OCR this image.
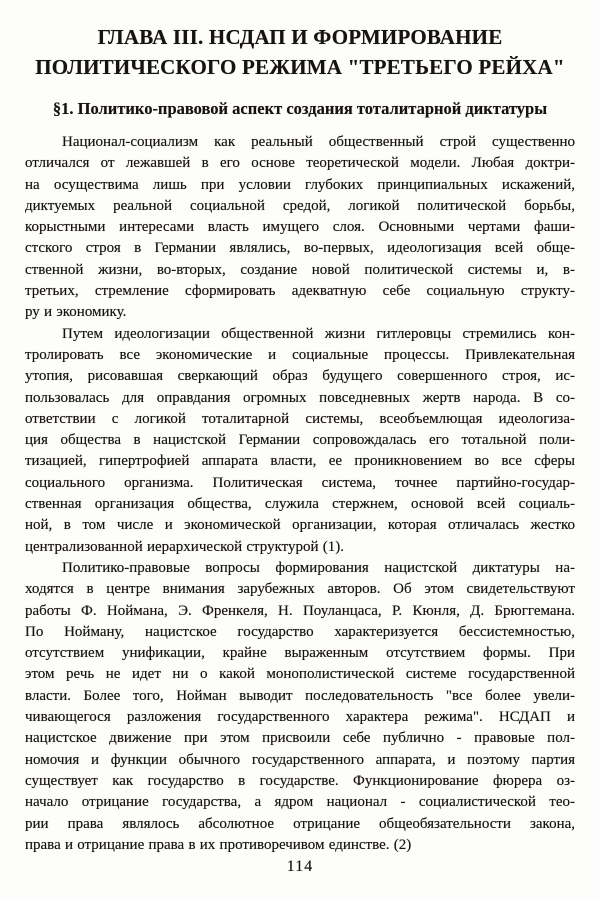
ГЛАВА III. НСДАП И ФОРМИРОВАНИЕ
ПОЛИТИЧЕСКОГО РЕЖИМА "ТРЕТЬЕГО РЕЙХА"
§1. Политико-правовой аспект создания тоталитарной диктатуры
Национал-социализм как реальный общественный строй существенно
отличался от лежавшей в его основе теоретической модели. Любая доктри-
на осуществима лишь при условии глубоких принципиальных искажений,
диктуемых реальной социальной средой, логикой политической борьбы,
корыстными интересами власть имущего слоя. Основными чертами фаши-
стского строя в Германии являлись, во-первых, идеологизация всей обще-
ственной жизни, во-вторых, создание новой политической системы и, в-
третьих, стремление сформировать адекватную себе социальную структу-
ру и экономику.
Путем идеологизации общественной жизни гитлеровцы стремились кон-
тролировать все экономические и социальные процессы. Привлекательная
утопия, рисовавшая сверкающий образ будущего совершенного строя, ис-
пользовалась для оправдания огромных повседневных жертв народа. В со-
ответствии с логикой тоталитарной системы, всеобъемлющая идеологиза-
ция общества в нацистской Германии сопровождалась его тотальной поли-
тизацией, гипертрофией аппарата власти, ее проникновением во все сферы
социального организма. Политическая система, точнее партийно-государ-
ственная организация общества, служила стержнем, основой всей социаль-
ной, в том числе и экономической организации, которая отличалась жестко
централизованной иерархической структурой (1).
Политико-правовые вопросы формирования нацистской диктатуры на-
ходятся в центре внимания зарубежных авторов. Об этом свидетельствуют
работы Ф. Ноймана, Э. Френкеля, Н. Поуланцаса, Р. Кюнля, Д. Брюггемана.
По Нойману, нацистское государство характеризуется бессистемностью,
отсутствием унификации, крайне выраженным отсутствием формы. При
этом речь не идет ни о какой монополистической системе государственной
власти. Более того, Нойман выводит последовательность "все более увели-
чивающегося разложения государственного характера режима". НСДАП и
нацистское движение при этом присвоили себе публично - правовые пол-
номочия и функции обычного государственного аппарата, и поэтому партия
существует как государство в государстве. Функционирование фюрера оз-
начало отрицание государства, а ядром национал - социалистической тео-
рии права являлось абсолютное отрицание общеобязательности закона,
права и отрицание права в их противоречивом единстве. (2)
114
